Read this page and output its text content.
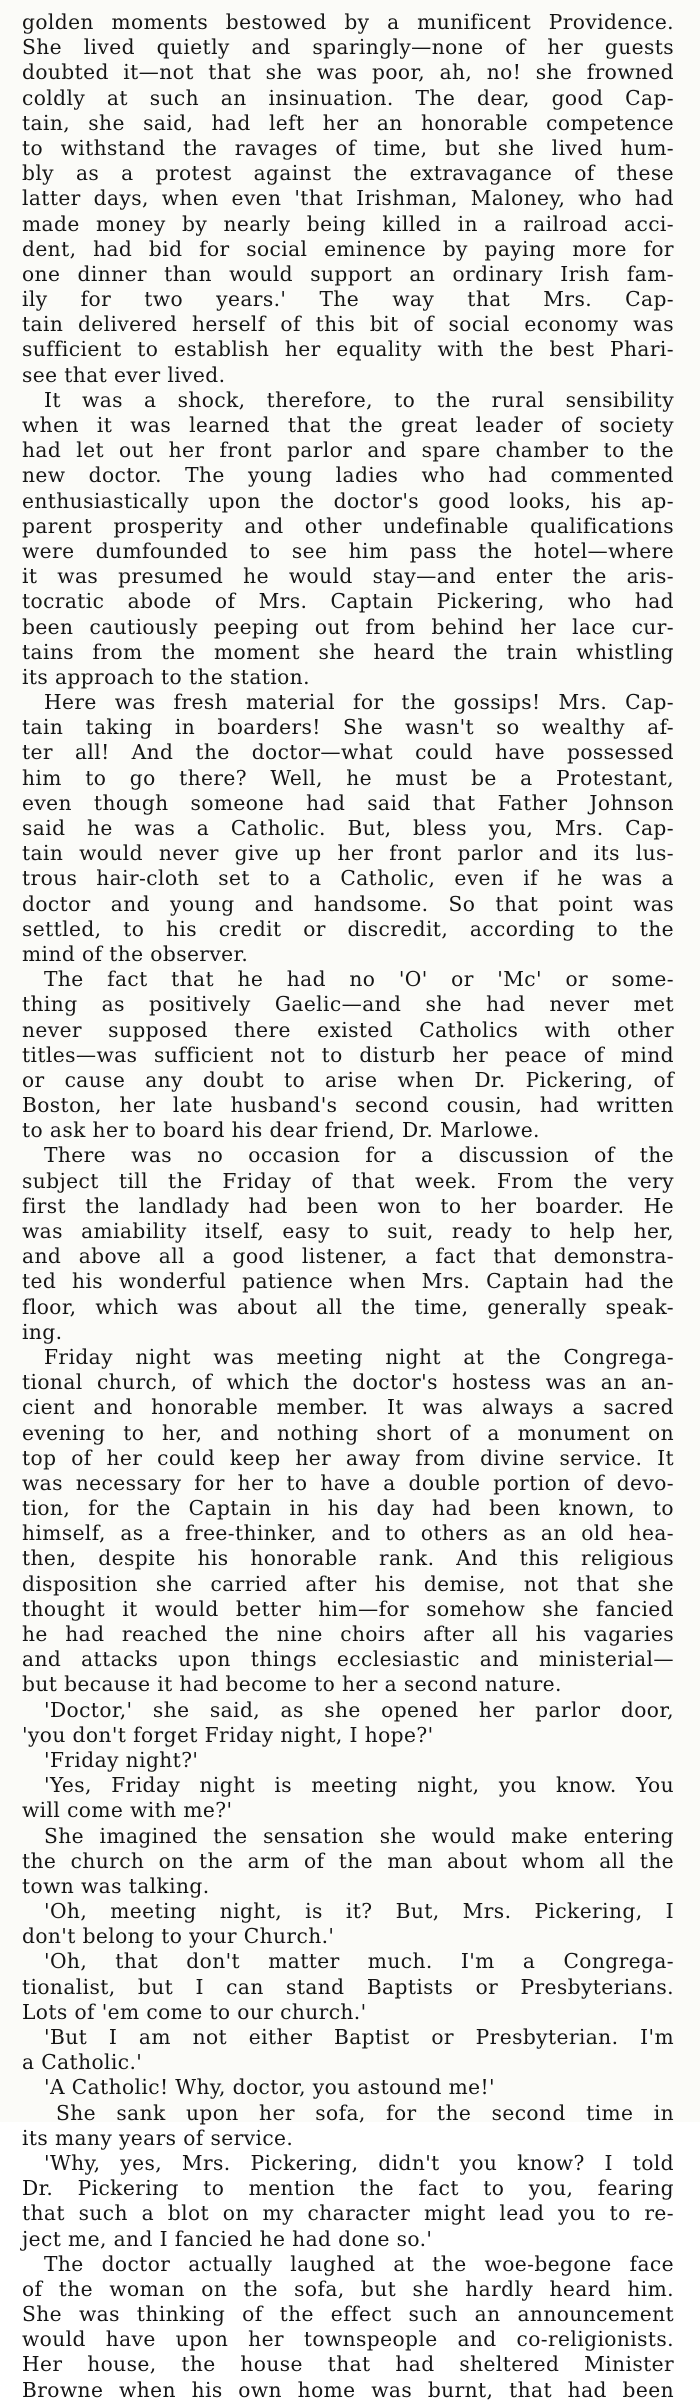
golden moments bestowed by a munificent Providence.
She lived quietly and sparingly—none of her guests
doubted it—not that she was poor, ah, no! she frowned
coldly at such an insinuation. The dear, good Cap-
tain, she said, had left her an honorable competence
to withstand the ravages of time, but she lived hum-
bly as a protest against the extravagance of these
latter days, when even 'that Irishman, Maloney, who had
made money by nearly being killed in a railroad acci-
dent, had bid for social eminence by paying more for
one dinner than would support an ordinary Irish fam-
ily for two years.' The way that Mrs. Cap-
tain delivered herself of this bit of social economy was
sufficient to establish her equality with the best Phari-
see that ever lived.
It was a shock, therefore, to the rural sensibility
when it was learned that the great leader of society
had let out her front parlor and spare chamber to the
new doctor. The young ladies who had commented
enthusiastically upon the doctor's good looks, his ap-
parent prosperity and other undefinable qualifications
were dumfounded to see him pass the hotel—where
it was presumed he would stay—and enter the aris-
tocratic abode of Mrs. Captain Pickering, who had
been cautiously peeping out from behind her lace cur-
tains from the moment she heard the train whistling
its approach to the station.
Here was fresh material for the gossips! Mrs. Cap-
tain taking in boarders! She wasn't so wealthy af-
ter all! And the doctor—what could have possessed
him to go there? Well, he must be a Protestant,
even though someone had said that Father Johnson
said he was a Catholic. But, bless you, Mrs. Cap-
tain would never give up her front parlor and its lus-
trous hair-cloth set to a Catholic, even if he was a
doctor and young and handsome. So that point was
settled, to his credit or discredit, according to the
mind of the observer.
The fact that he had no 'O' or 'Mc' or some-
thing as positively Gaelic—and she had never met
never supposed there existed Catholics with other
titles—was sufficient not to disturb her peace of mind
or cause any doubt to arise when Dr. Pickering, of
Boston, her late husband's second cousin, had written
to ask her to board his dear friend, Dr. Marlowe.
There was no occasion for a discussion of the
subject till the Friday of that week. From the very
first the landlady had been won to her boarder. He
was amiability itself, easy to suit, ready to help her,
and above all a good listener, a fact that demonstra-
ted his wonderful patience when Mrs. Captain had the
floor, which was about all the time, generally speak-
ing.
Friday night was meeting night at the Congrega-
tional church, of which the doctor's hostess was an an-
cient and honorable member. It was always a sacred
evening to her, and nothing short of a monument on
top of her could keep her away from divine service. It
was necessary for her to have a double portion of devo-
tion, for the Captain in his day had been known, to
himself, as a free-thinker, and to others as an old hea-
then, despite his honorable rank. And this religious
disposition she carried after his demise, not that she
thought it would better him—for somehow she fancied
he had reached the nine choirs after all his vagaries
and attacks upon things ecclesiastic and ministerial—
but because it had become to her a second nature.
'Doctor,' she said, as she opened her parlor door,
'you don't forget Friday night, I hope?'
'Friday night?'
'Yes, Friday night is meeting night, you know. You
will come with me?'
She imagined the sensation she would make entering
the church on the arm of the man about whom all the
town was talking.
'Oh, meeting night, is it? But, Mrs. Pickering, I
don't belong to your Church.'
'Oh, that don't matter much. I'm a Congrega-
tionalist, but I can stand Baptists or Presbyterians.
Lots of 'em come to our church.'
'But I am not either Baptist or Presbyterian. I'm
a Catholic.'
'A Catholic! Why, doctor, you astound me!'
She sank upon her sofa, for the second time in
its many years of service.
'Why, yes, Mrs. Pickering, didn't you know? I told
Dr. Pickering to mention the fact to you, fearing
that such a blot on my character might lead you to re-
ject me, and I fancied he had done so.'
The doctor actually laughed at the woe-begone face
of the woman on the sofa, but she hardly heard him.
She was thinking of the effect such an announcement
would have upon her townspeople and co-religionists.
Her house, the house that had sheltered Minister
Browne when his own home was burnt, that had been
